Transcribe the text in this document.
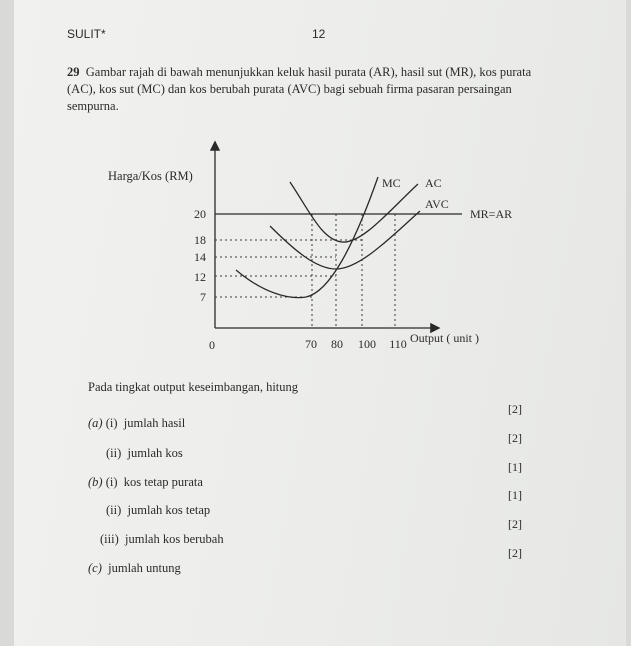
SULIT*	12
29 Gambar rajah di bawah menunjukkan keluk hasil purata (AR), hasil sut (MR), kos purata
(AC), kos sut (MC) dan kos berubah purata (AVC) bagi sebuah firma pasaran persaingan
sempurna.
Harga/Kos (RM)
Output ( unit )
0
20
18
14
12
7
70 80 100 110
MC AC
AVC
MR=AR
Pada tingkat output keseimbangan, hitung
(a) (i) jumlah hasil
[2]
(ii) jumlah kos
[2]
(b) (i) kos tetap purata
[1]
(ii) jumlah kos tetap
[1]
(iii) jumlah kos berubah
[2]
(c) jumlah untung
[2]
